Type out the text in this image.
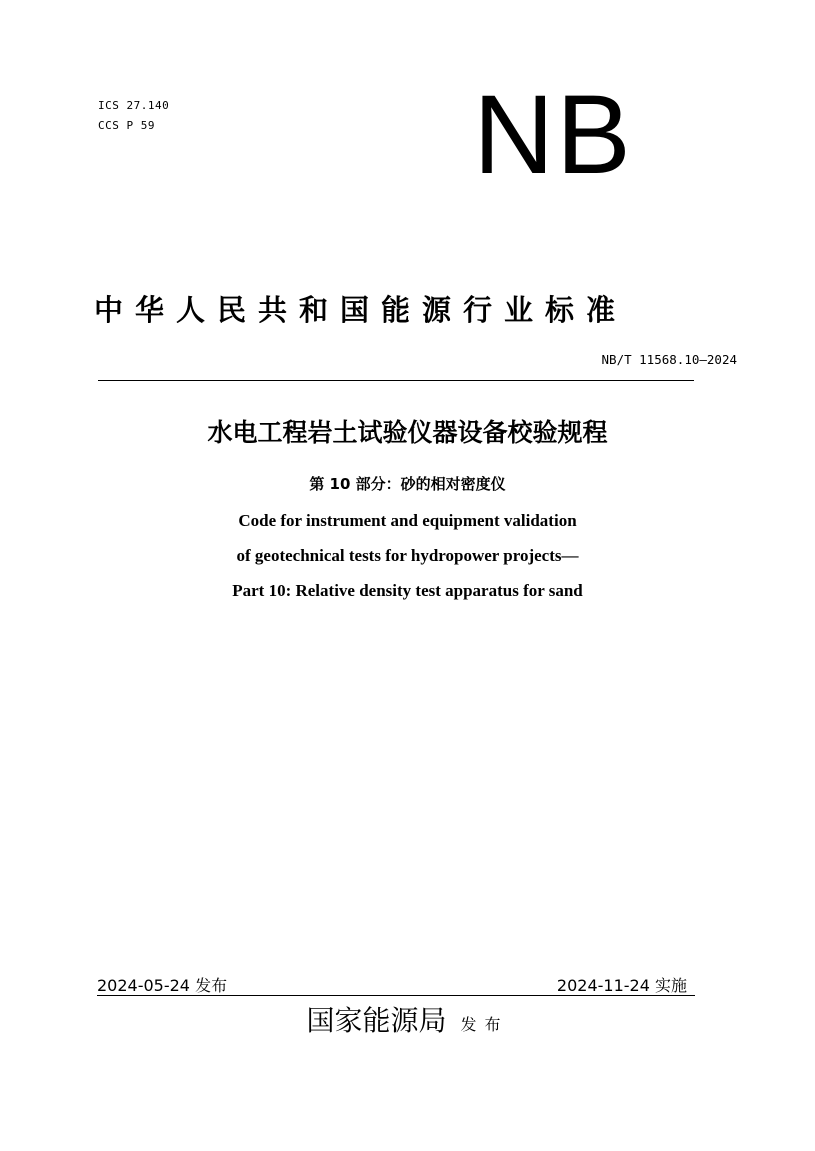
ICS 27.140
CCS P 59	NB
中华人民共和国能源行业标准
NB/T 11568.10—2024
水电工程岩土试验仪器设备校验规程
第 10 部分：砂的相对密度仪
Code for instrument and equipment validation
of geotechnical tests for hydropower projects—
Part 10: Relative density test apparatus for sand
2024-05-24 发布	2024-11-24 实施
国家能源局 发布
